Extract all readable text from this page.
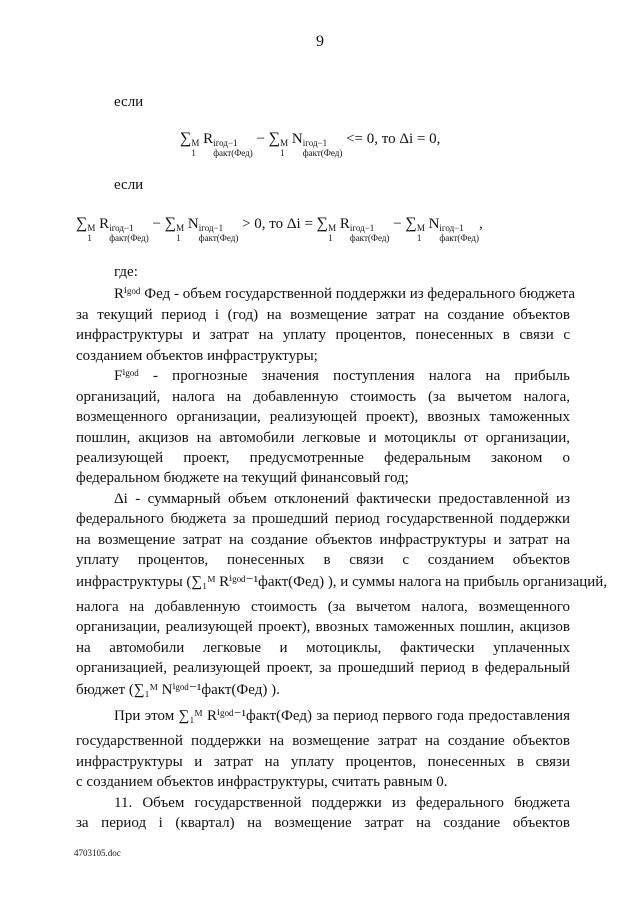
9
если
∑ M
1
R iгод−1
факт(Фед)
− ∑ M
1
N iгод−1
факт(Фед)
<= 0, то Δi = 0,
если
∑ M
1
R iгод−1
факт(Фед)
− ∑ M
1
N iгод−1
факт(Фед)
> 0, то Δi = ∑ M
1
R iгод−1
факт(Фед)
− ∑ M
1
N iгод−1
факт(Фед)
,
где:
Rⁱᵍᵒᵈ Фед - объем государственной поддержки из федерального бюджета
за текущий период i (год) на возмещение затрат на создание объектов
инфраструктуры и затрат на уплату процентов, понесенных в связи с
созданием объектов инфраструктуры;
Fⁱᵍᵒᵈ - прогнозные значения поступления налога на прибыль
организаций, налога на добавленную стоимость (за вычетом налога,
возмещенного организации, реализующей проект), ввозных таможенных
пошлин, акцизов на автомобили легковые и мотоциклы от организации,
реализующей проект, предусмотренные федеральным законом о
федеральном бюджете на текущий финансовый год;
Δi - суммарный объем отклонений фактически предоставленной из
федерального бюджета за прошедший период государственной поддержки
на возмещение затрат на создание объектов инфраструктуры и затрат на
уплату процентов, понесенных в связи с созданием объектов
инфраструктуры (∑₁ᴹ Rⁱᵍᵒᵈ⁻¹факт(Фед) ), и суммы налога на прибыль организаций,
налога на добавленную стоимость (за вычетом налога, возмещенного
организации, реализующей проект), ввозных таможенных пошлин, акцизов
на автомобили легковые и мотоциклы, фактически уплаченных
организацией, реализующей проект, за прошедший период в федеральный
бюджет (∑₁ᴹ Nⁱᵍᵒᵈ⁻¹факт(Фед) ).
При этом ∑₁ᴹ Rⁱᵍᵒᵈ⁻¹факт(Фед) за период первого года предоставления
государственной поддержки на возмещение затрат на создание объектов
инфраструктуры и затрат на уплату процентов, понесенных в связи
с созданием объектов инфраструктуры, считать равным 0.
11. Объем государственной поддержки из федерального бюджета
за период i (квартал) на возмещение затрат на создание объектов
4703105.doc
